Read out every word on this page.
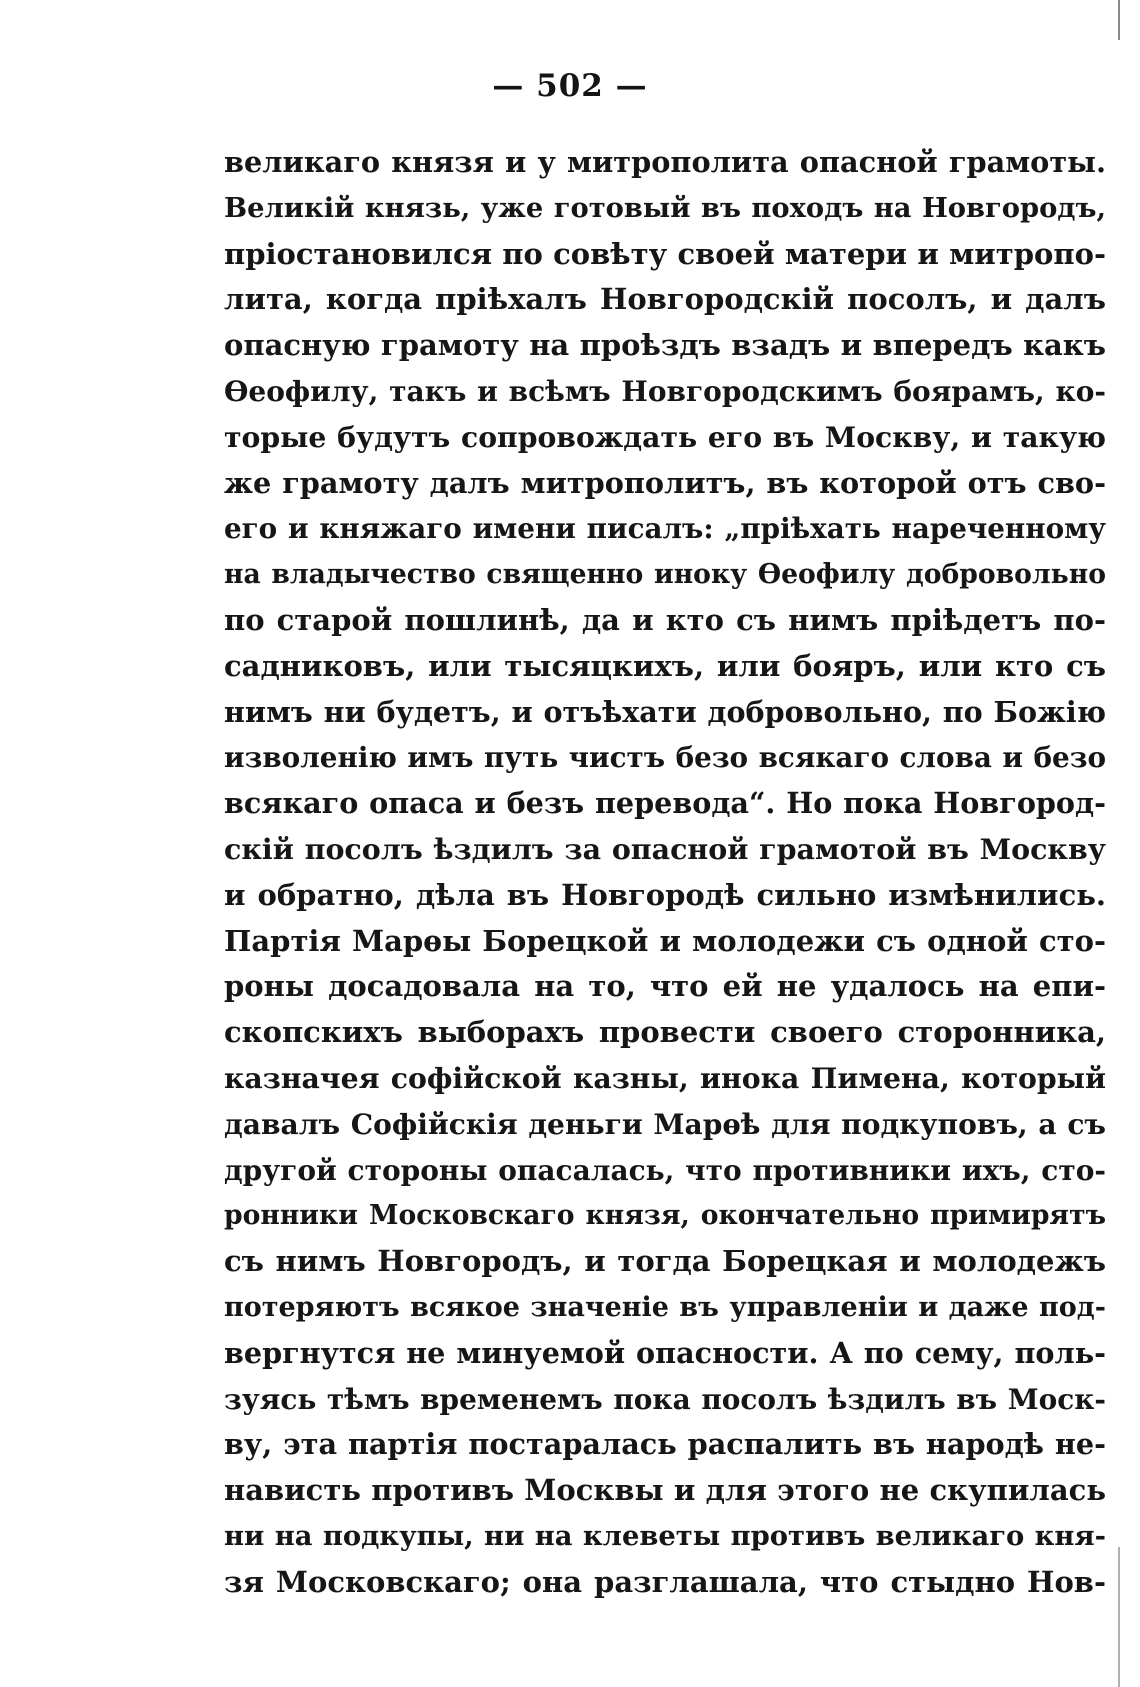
— 502 —

великаго князя и у митрополита опасной грамоты.
Великій князь, уже готовый въ походъ на Новгородъ,
пріостановился по совѣту своей матери и митропо-
лита, когда пріѣхалъ Новгородскій посолъ, и далъ
опасную грамоту на проѣздъ взадъ и впередъ какъ
Ѳеофилу, такъ и всѣмъ Новгородскимъ боярамъ, ко-
торые будутъ сопровождать его въ Москву, и такую
же грамоту далъ митрополитъ, въ которой отъ сво-
его и княжаго имени писалъ: „пріѣхать нареченному
на владычество священно иноку Ѳеофилу добровольно
по старой пошлинѣ, да и кто съ нимъ пріѣдетъ по-
садниковъ, или тысяцкихъ, или бояръ, или кто съ
нимъ ни будетъ, и отъѣхати добровольно, по Божію
изволенію имъ путь чистъ безо всякаго слова и безо
всякаго опаса и безъ перевода“. Но пока Новгород-
скій посолъ ѣздилъ за опасной грамотой въ Москву
и обратно, дѣла въ Новгородѣ сильно измѣнились.
Партія Марѳы Борецкой и молодежи съ одной сто-
роны досадовала на то, что ей не удалось на епи-
скопскихъ выборахъ провести своего сторонника,
казначея софійской казны, инока Пимена, который
давалъ Софійскія деньги Марѳѣ для подкуповъ, а съ
другой стороны опасалась, что противники ихъ, сто-
ронники Московскаго князя, окончательно примирятъ
съ нимъ Новгородъ, и тогда Борецкая и молодежъ
потеряютъ всякое значеніе въ управленіи и даже под-
вергнутся не минуемой опасности. А по сему, поль-
зуясь тѣмъ временемъ пока посолъ ѣздилъ въ Моск-
ву, эта партія постаралась распалить въ народѣ не-
нависть противъ Москвы и для этого не скупилась
ни на подкупы, ни на клеветы противъ великаго кня-
зя Московскаго; она разглашала, что стыдно Нов-
